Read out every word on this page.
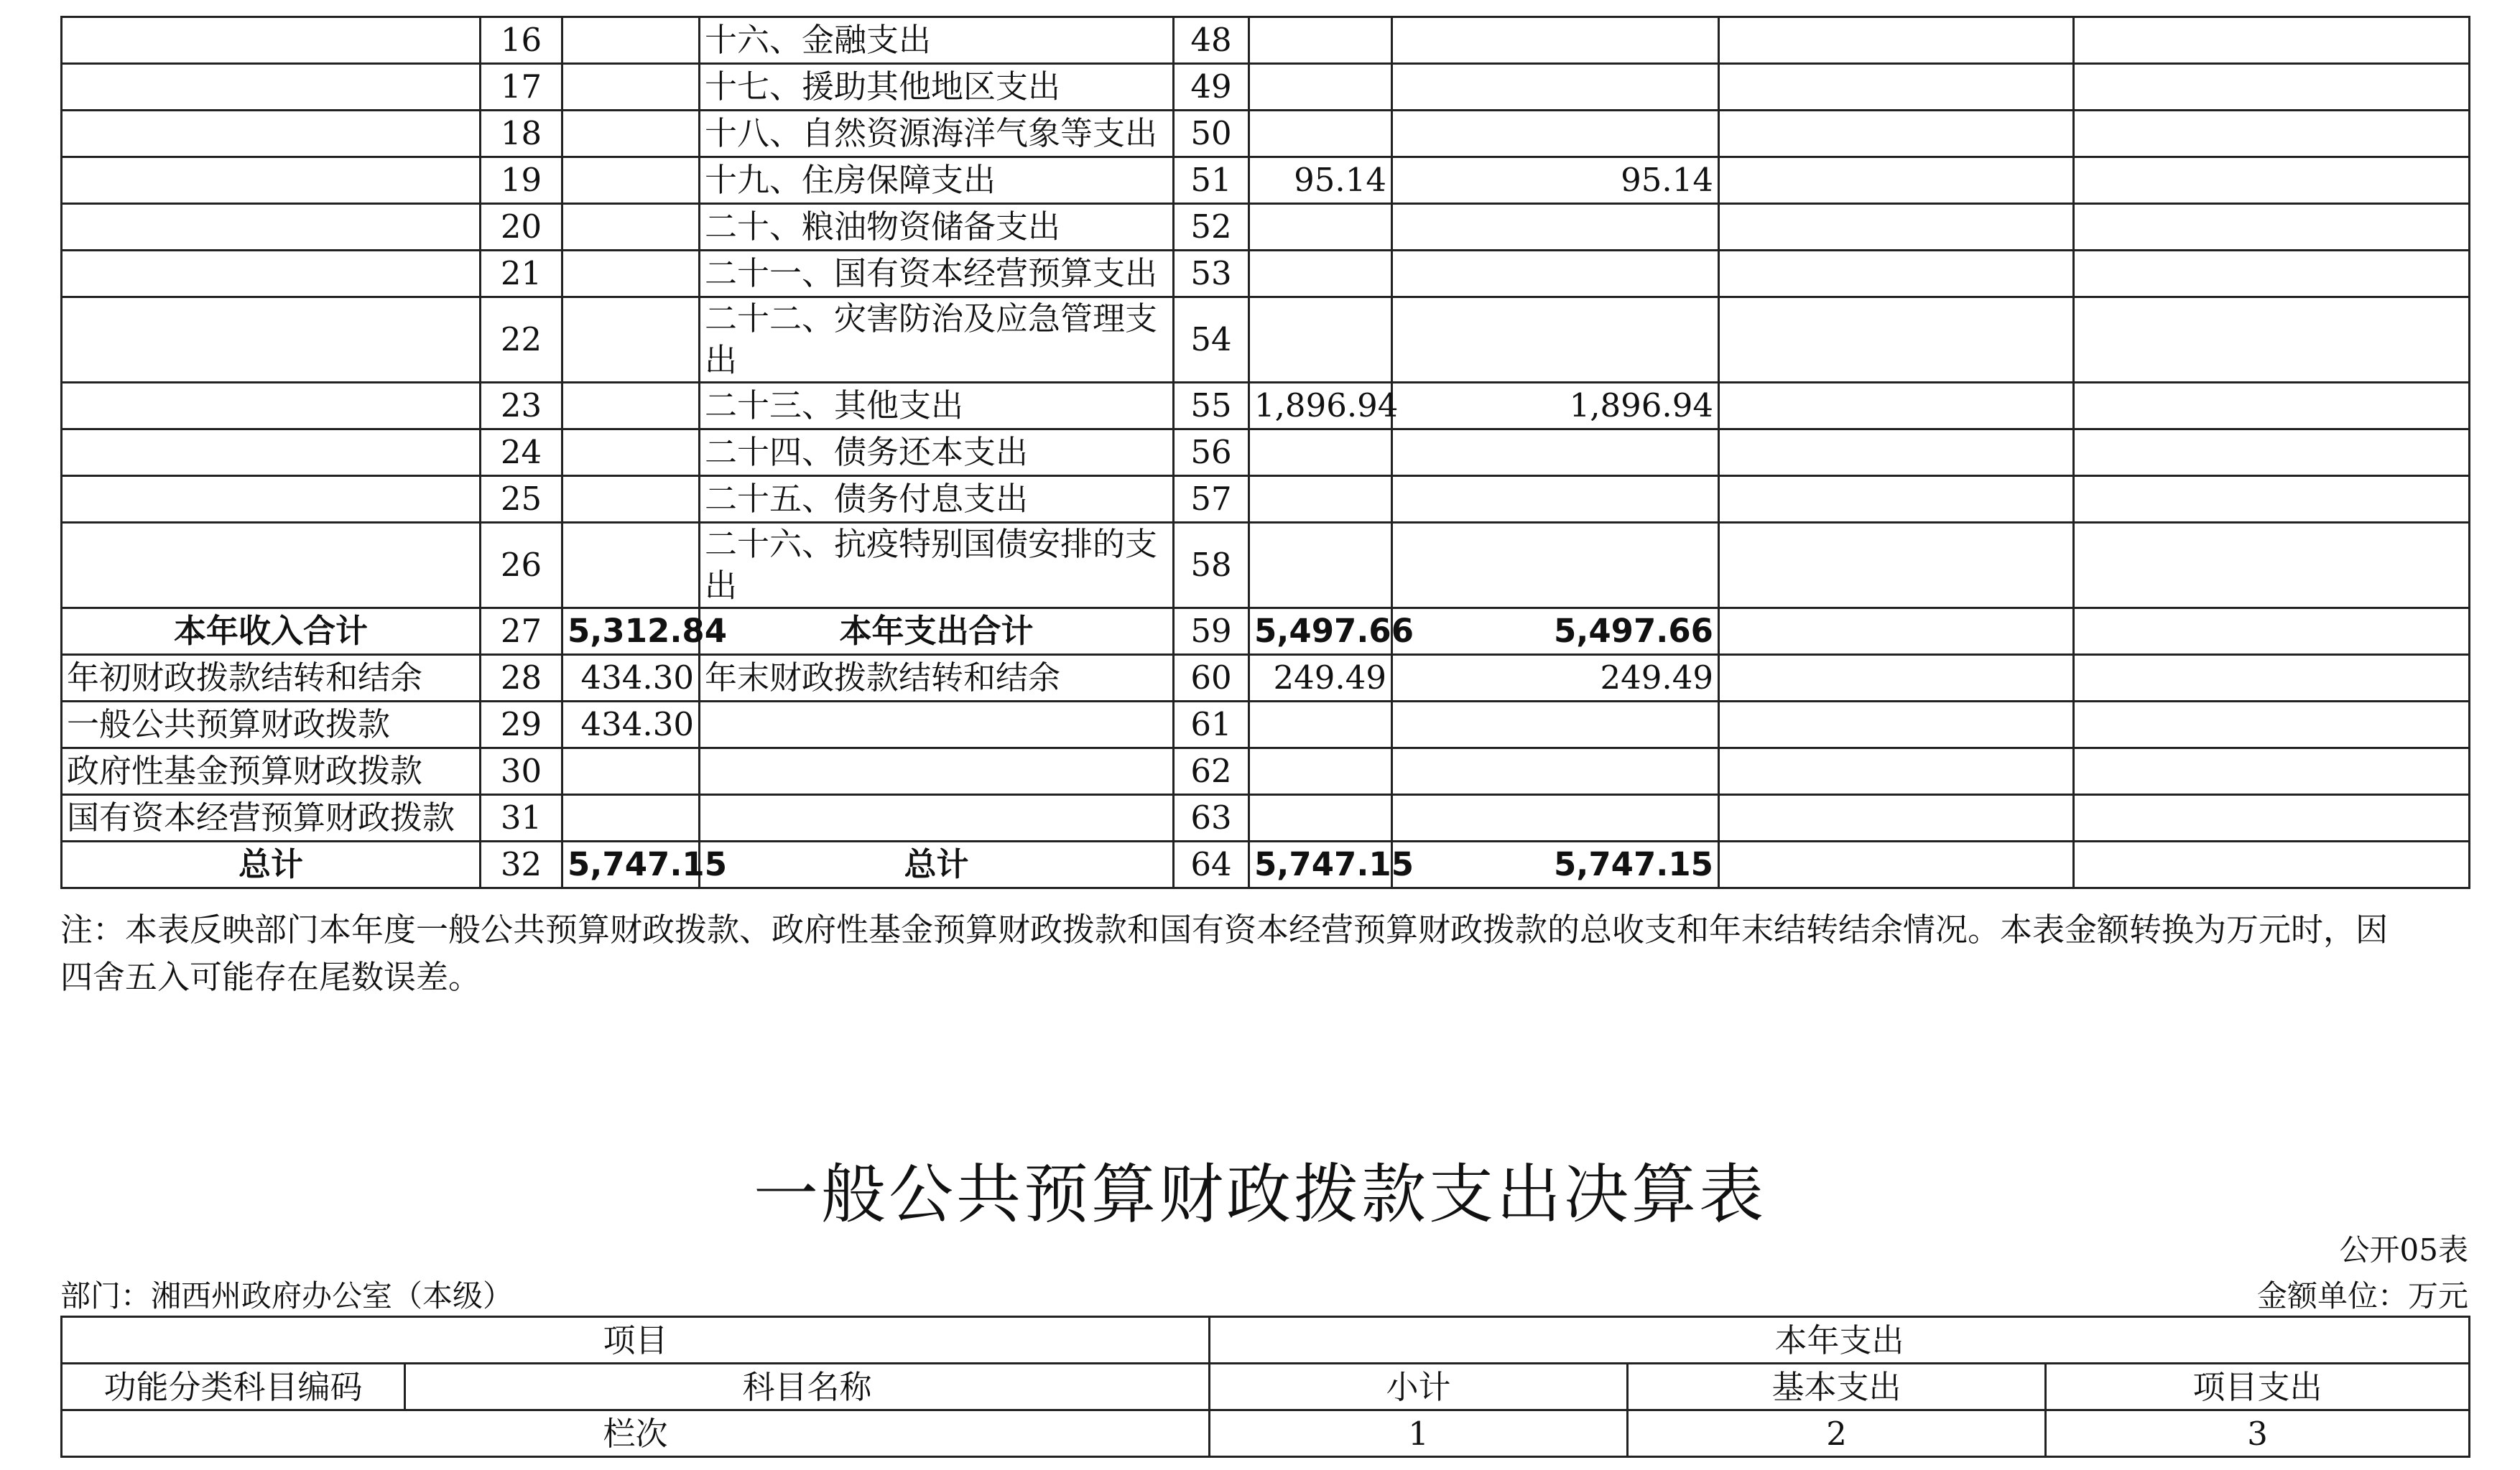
	16		十六、金融支出	48				
	17		十七、援助其他地区支出	49				
	18		十八、自然资源海洋气象等支出	50				
	19		十九、住房保障支出	51	95.14	95.14		
	20		二十、粮油物资储备支出	52				
	21		二十一、国有资本经营预算支出	53				
	22		二十二、灾害防治及应急管理支出	54				
	23		二十三、其他支出	55	1,896.94	1,896.94		
	24		二十四、债务还本支出	56				
	25		二十五、债务付息支出	57				
	26		二十六、抗疫特别国债安排的支出	58				
本年收入合计	27	5,312.84	本年支出合计	59	5,497.66	5,497.66		
年初财政拨款结转和结余	28	434.30	年末财政拨款结转和结余	60	249.49	249.49		
一般公共预算财政拨款	29	434.30		61				
政府性基金预算财政拨款	30			62				
国有资本经营预算财政拨款	31			63				
总计	32	5,747.15	总计	64	5,747.15	5,747.15		
注：本表反映部门本年度一般公共预算财政拨款、政府性基金预算财政拨款和国有资本经营预算财政拨款的总收支和年末结转结余情况。本表金额转换为万元时，因
四舍五入可能存在尾数误差。
一般公共预算财政拨款支出决算表
公开05表
部门：湘西州政府办公室（本级）	金额单位：万元
项目		本年支出		
功能分类科目编码	科目名称	小计	基本支出	项目支出
栏次		1	2	3
